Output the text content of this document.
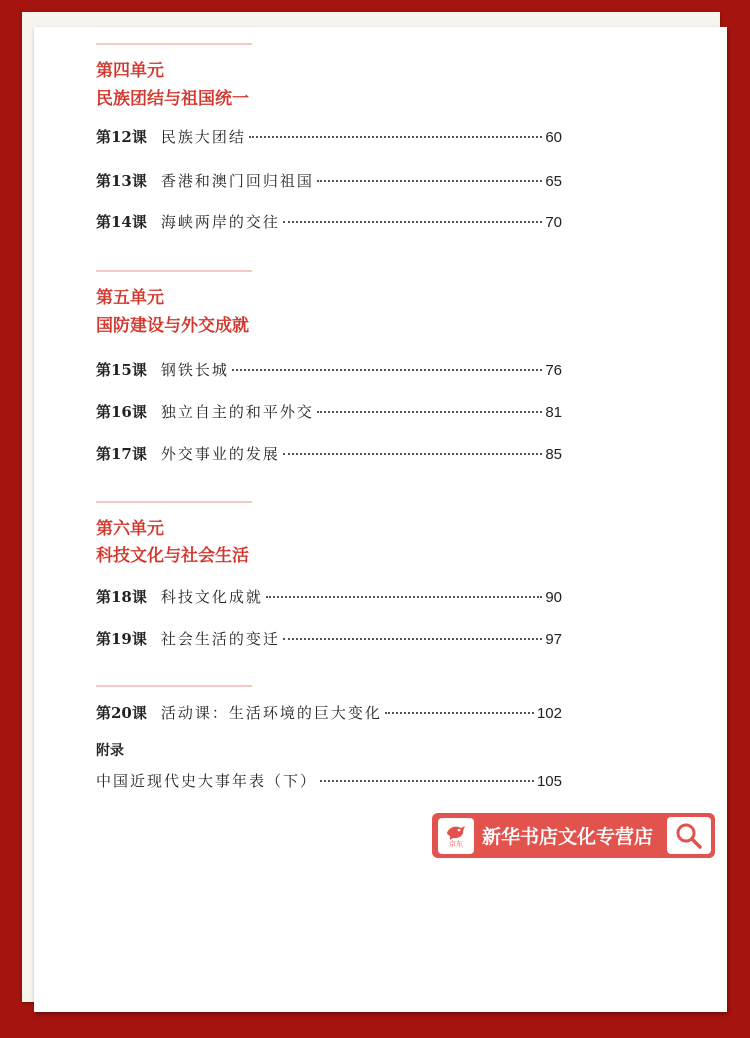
第四单元
民族团结与祖国统一
第12课 民族大团结	60
第13课 香港和澳门回归祖国	65
第14课 海峡两岸的交往	70
第五单元
国防建设与外交成就
第15课 钢铁长城	76
第16课 独立自主的和平外交	81
第17课 外交事业的发展	85
第六单元
科技文化与社会生活
第18课 科技文化成就	90
第19课 社会生活的变迁	97
第20课 活动课：生活环境的巨大变化	102
附录
中国近现代史大事年表（下）	105
京东 新华书店文化专营店
